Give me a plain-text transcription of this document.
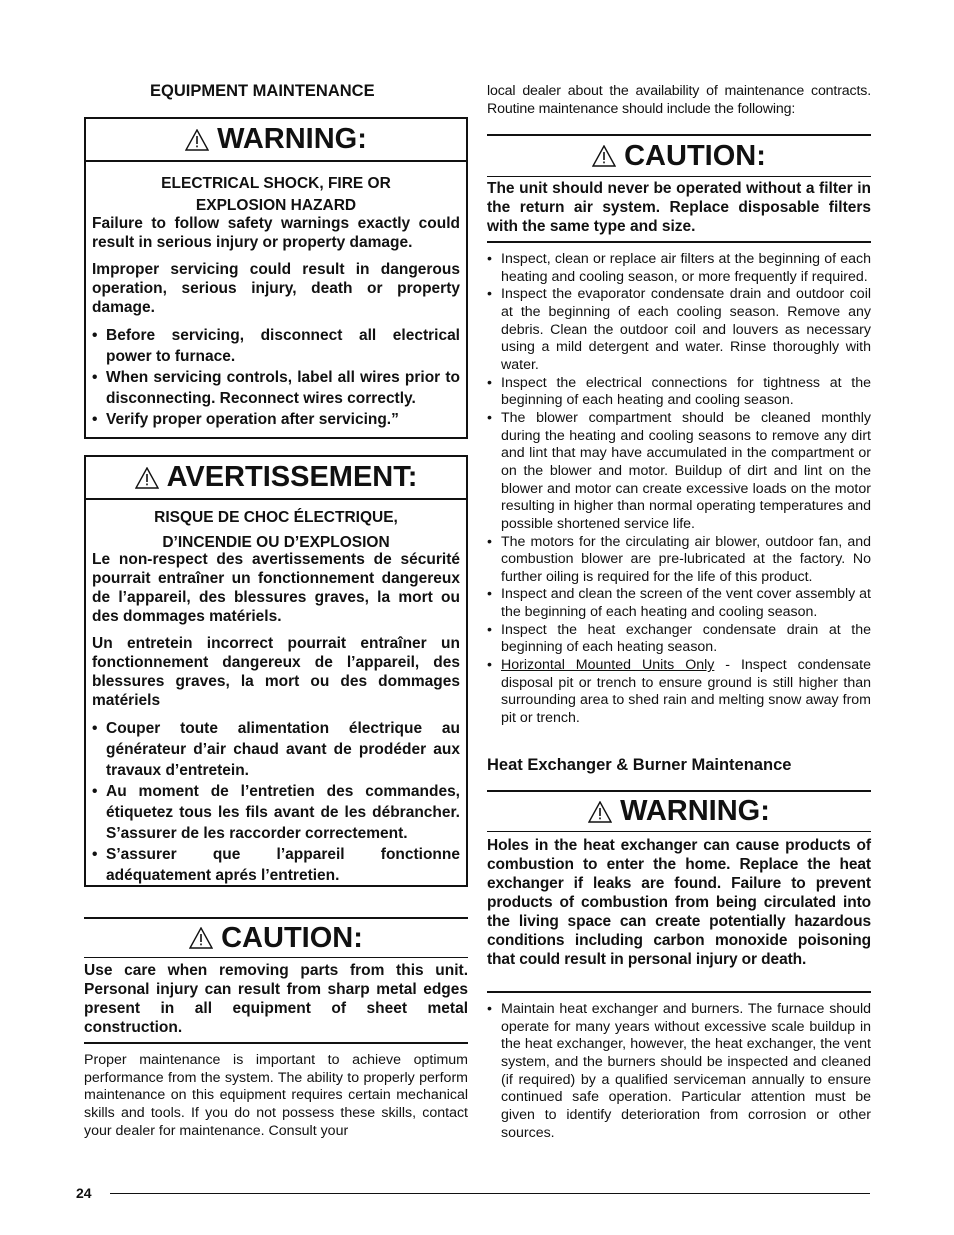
EQUIPMENT MAINTENANCE
WARNING:
ELECTRICAL SHOCK, FIRE OR
EXPLOSION HAZARD

Failure to follow safety warnings exactly could result in serious injury or property damage.

Improper servicing could result in dangerous operation, serious injury, death or property damage.

• Before servicing, disconnect all electrical power to furnace.
• When servicing controls, label all wires prior to disconnecting. Reconnect wires correctly.
• Verify proper operation after servicing.”
AVERTISSEMENT:
RISQUE DE CHOC ÉLECTRIQUE,
D’INCENDIE OU D’EXPLOSION

Le non-respect des avertissements de sécurité pourrait entraîner un fonctionnement dangereux de l’appareil, des blessures graves, la mort ou des dommages matériels.

Un entretein incorrect pourrait entraîner un fonctionnement dangereux de l’appareil, des blessures graves, la mort ou des dommages matériels

• Couper toute alimentation électrique au générateur d’air chaud avant de prodéder aux travaux d’entretein.
• Au moment de l’entretien des commandes, étiquetez tous les fils avant de les débrancher. S’assurer de les raccorder correctement.
• S’assurer que l’appareil fonctionne adéquatement aprés l’entretien.
CAUTION:

Use care when removing parts from this unit. Personal injury can result from sharp metal edges present in all equipment of sheet metal construction.

Proper maintenance is important to achieve optimum performance from the system. The ability to properly perform maintenance on this equipment requires certain mechanical skills and tools. If you do not possess these skills, contact your dealer for maintenance. Consult your

local dealer about the availability of maintenance contracts. Routine maintenance should include the following:

CAUTION:

The unit should never be operated without a filter in the return air system. Replace disposable filters with the same type and size.

• Inspect, clean or replace air filters at the beginning of each heating and cooling season, or more frequently if required.
• Inspect the evaporator condensate drain and outdoor coil at the beginning of each cooling season. Remove any debris. Clean the outdoor coil and louvers as necessary using a mild detergent and water. Rinse thoroughly with water.
• Inspect the electrical connections for tightness at the beginning of each heating and cooling season.
• The blower compartment should be cleaned monthly during the heating and cooling seasons to remove any dirt and lint that may have accumulated in the compartment or on the blower and motor. Buildup of dirt and lint on the blower and motor can create excessive loads on the motor resulting in higher than normal operating temperatures and possible shortened service life.
• The motors for the circulating air blower, outdoor fan, and combustion blower are pre-lubricated at the factory. No further oiling is required for the life of this product.
• Inspect and clean the screen of the vent cover assembly at the beginning of each heating and cooling season.
• Inspect the heat exchanger condensate drain at the beginning of each heating season.
• Horizontal Mounted Units Only - Inspect condensate disposal pit or trench to ensure ground is still higher than surrounding area to shed rain and melting snow away from pit or trench.
Heat Exchanger & Burner Maintenance
WARNING:

Holes in the heat exchanger can cause products of combustion to enter the home. Replace the heat exchanger if leaks are found. Failure to prevent products of combustion from being circulated into the living space can create potentially hazardous conditions including carbon monoxide poisoning that could result in personal injury or death.

• Maintain heat exchanger and burners. The furnace should operate for many years without excessive scale buildup in the heat exchanger, however, the heat exchanger, the vent system, and the burners should be inspected and cleaned (if required) by a qualified serviceman annually to ensure continued safe operation. Particular attention must be given to identify deterioration from corrosion or other sources.
24
